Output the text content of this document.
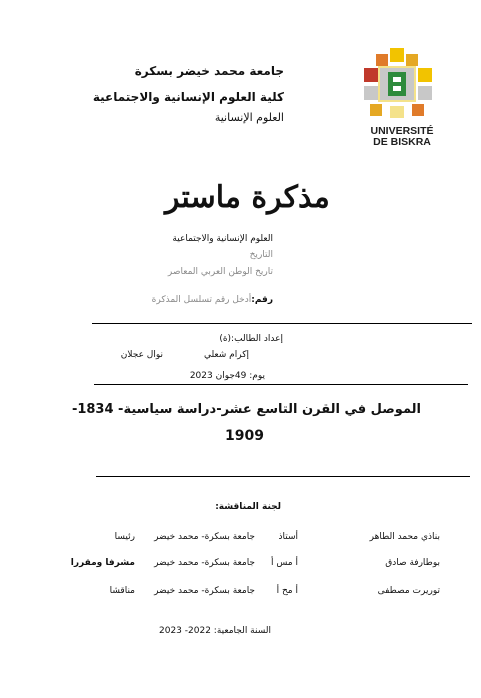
UNIVERSITÉ
DE BISKRA
جامعة محمد خيضر بسكرة
كلية العلوم الإنسانية والاجتماعية
العلوم الإنسانية
مذكرة ماستر
العلوم الإنسانية والاجتماعية
التاريخ
تاريخ الوطن العربي المعاصر
رقم:أدخل رقم تسلسل المذكرة
إعداد الطالب:(ة)
إكرام شعلي
نوال عجلان
يوم: 49جوان 2023
الموصل في القرن التاسع عشر-دراسة سياسية- 1834-
1909
لجنة المناقشة:
بناذي محمد الطاهر
أستاذ
جامعة بسكرة- محمد خيضر
رئيسا
بوطارفة صادق
أ مس أ
جامعة بسكرة- محمد خيضر
مشرفا ومقررا
توريرت مصطفى
أ مح أ
جامعة بسكرة- محمد خيضر
مناقشا
السنة الجامعية: 2022- 2023
